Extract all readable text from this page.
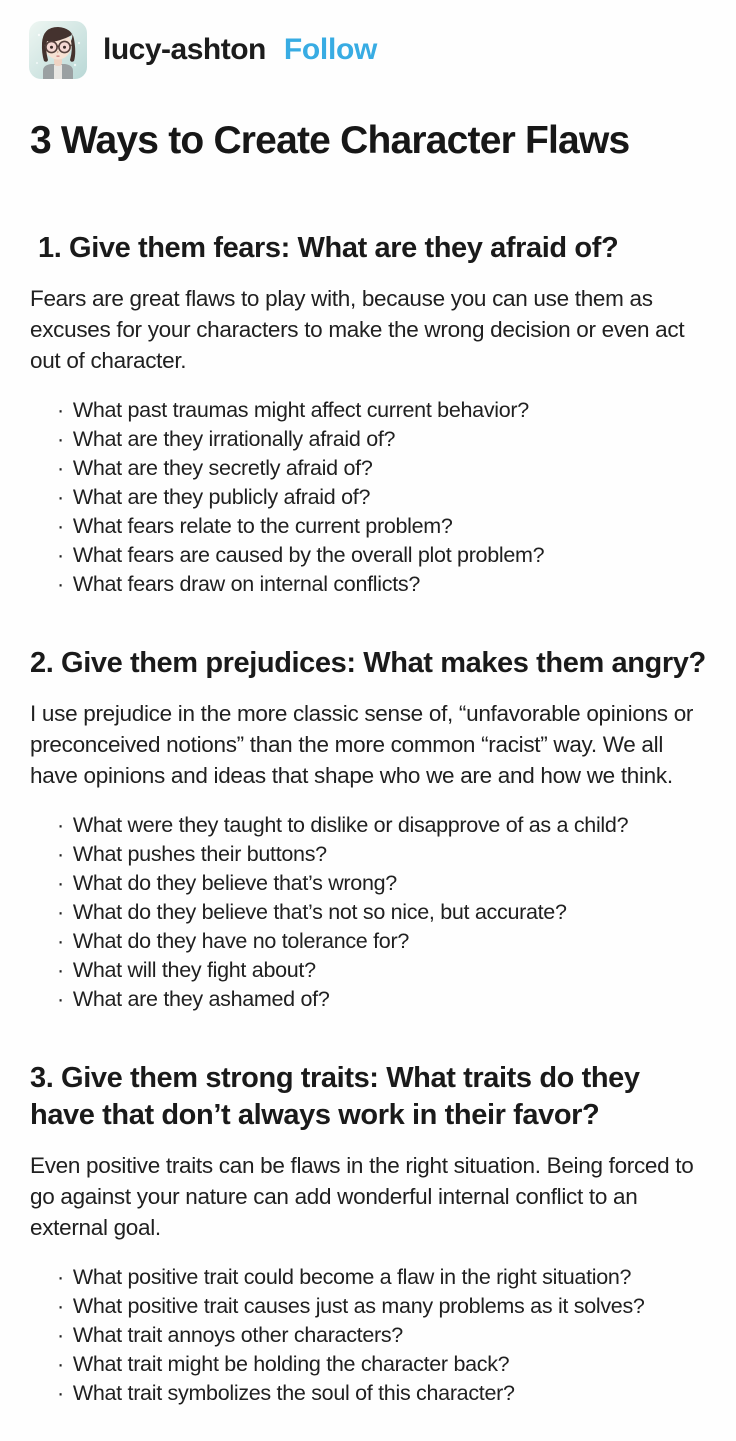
lucy-ashton Follow
3 Ways to Create Character Flaws
1. Give them fears: What are they afraid of?

Fears are great flaws to play with, because you can use them as excuses for your characters to make the wrong decision or even act out of character.

· What past traumas might affect current behavior?
· What are they irrationally afraid of?
· What are they secretly afraid of?
· What are they publicly afraid of?
· What fears relate to the current problem?
· What fears are caused by the overall plot problem?
· What fears draw on internal conflicts?
2. Give them prejudices: What makes them angry?

I use prejudice in the more classic sense of, “unfavorable opinions or preconceived notions” than the more common “racist” way. We all have opinions and ideas that shape who we are and how we think.

· What were they taught to dislike or disapprove of as a child?
· What pushes their buttons?
· What do they believe that’s wrong?
· What do they believe that’s not so nice, but accurate?
· What do they have no tolerance for?
· What will they fight about?
· What are they ashamed of?
3. Give them strong traits: What traits do they have that don’t always work in their favor?

Even positive traits can be flaws in the right situation. Being forced to go against your nature can add wonderful internal conflict to an external goal.

· What positive trait could become a flaw in the right situation?
· What positive trait causes just as many problems as it solves?
· What trait annoys other characters?
· What trait might be holding the character back?
· What trait symbolizes the soul of this character?
